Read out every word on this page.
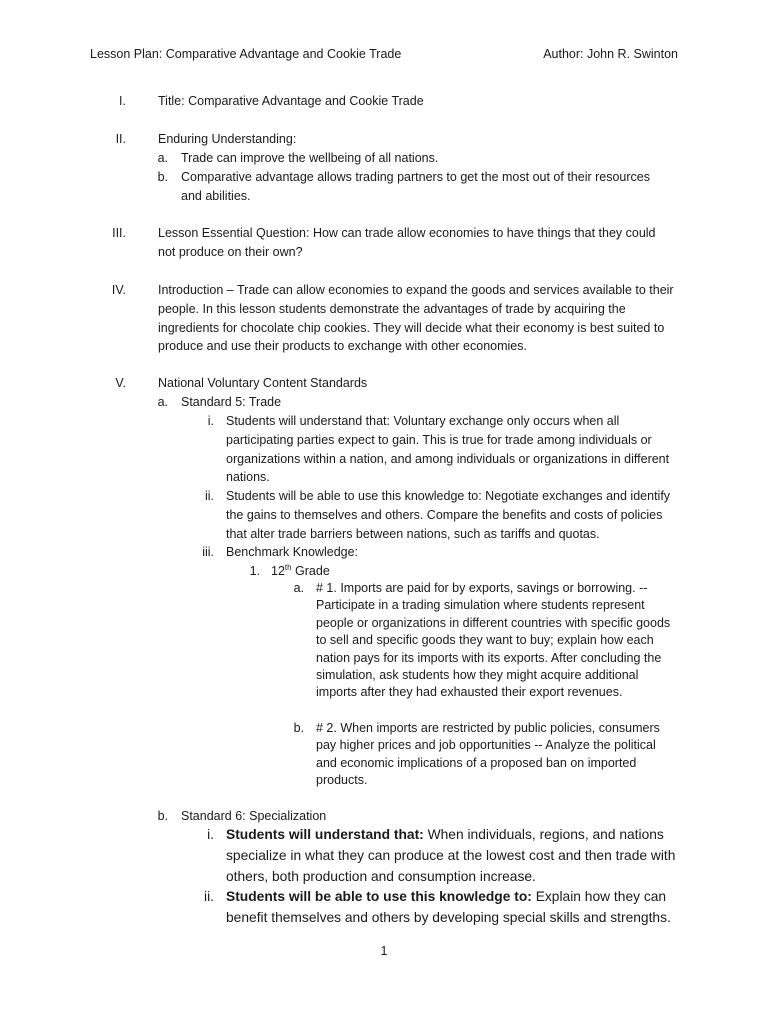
Lesson Plan: Comparative Advantage and Cookie Trade	Author: John R. Swinton
I.	Title: Comparative Advantage and Cookie Trade
II.	Enduring Understanding:
a. Trade can improve the wellbeing of all nations.
b. Comparative advantage allows trading partners to get the most out of their resources and abilities.
III.	Lesson Essential Question: How can trade allow economies to have things that they could not produce on their own?
IV.	Introduction – Trade can allow economies to expand the goods and services available to their people. In this lesson students demonstrate the advantages of trade by acquiring the ingredients for chocolate chip cookies. They will decide what their economy is best suited to produce and use their products to exchange with other economies.
V.	National Voluntary Content Standards
a. Standard 5: Trade
i. Students will understand that: Voluntary exchange only occurs when all participating parties expect to gain. This is true for trade among individuals or organizations within a nation, and among individuals or organizations in different nations.
ii. Students will be able to use this knowledge to: Negotiate exchanges and identify the gains to themselves and others. Compare the benefits and costs of policies that alter trade barriers between nations, such as tariffs and quotas.
iii. Benchmark Knowledge:
1. 12th Grade
a. # 1. Imports are paid for by exports, savings or borrowing. -- Participate in a trading simulation where students represent people or organizations in different countries with specific goods to sell and specific goods they want to buy; explain how each nation pays for its imports with its exports. After concluding the simulation, ask students how they might acquire additional imports after they had exhausted their export revenues.
b. # 2. When imports are restricted by public policies, consumers pay higher prices and job opportunities -- Analyze the political and economic implications of a proposed ban on imported products.
b. Standard 6: Specialization
i. Students will understand that: When individuals, regions, and nations specialize in what they can produce at the lowest cost and then trade with others, both production and consumption increase.
ii. Students will be able to use this knowledge to: Explain how they can benefit themselves and others by developing special skills and strengths.
1
